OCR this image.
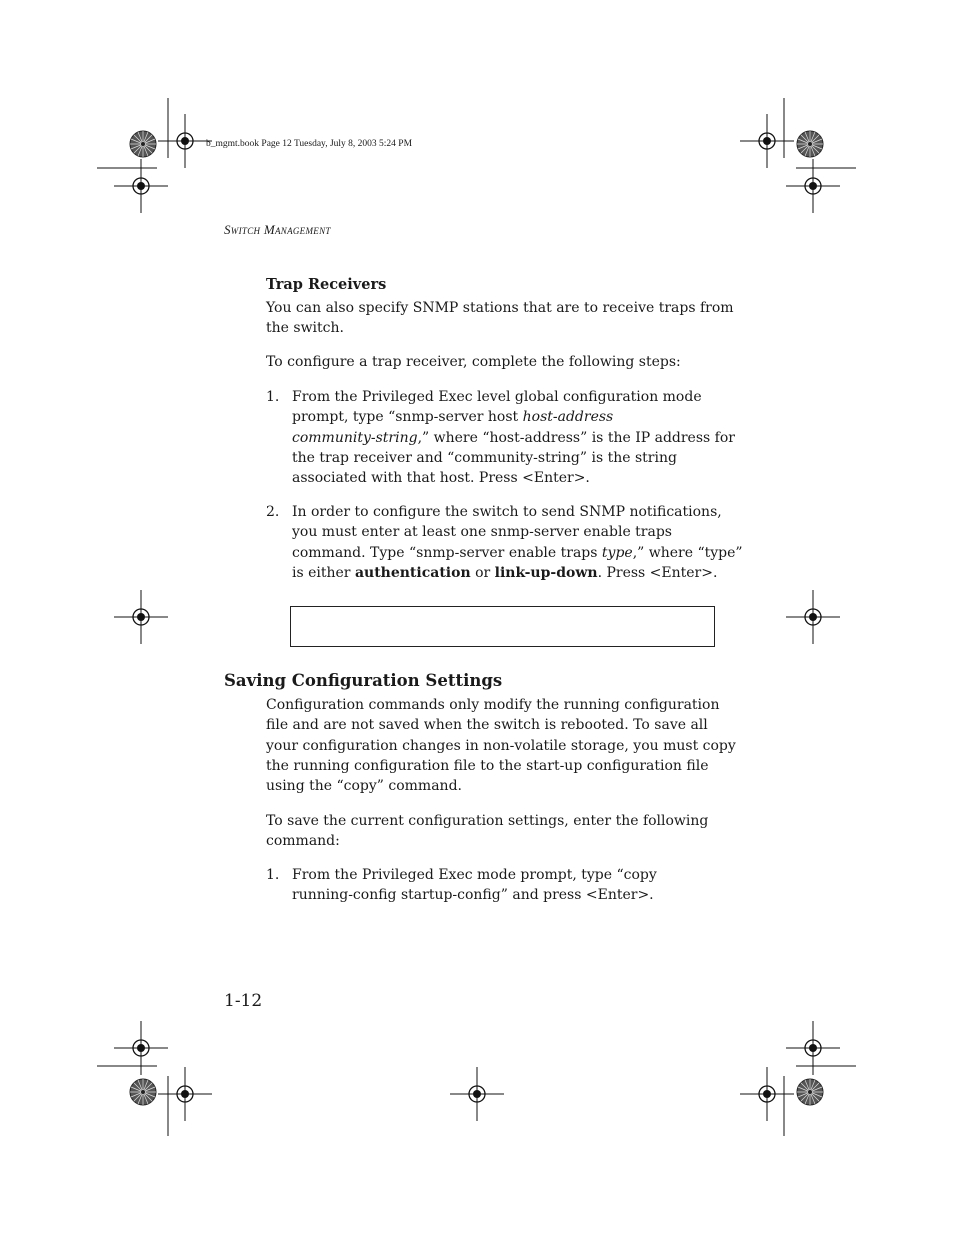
b_mgmt.book Page 12 Tuesday, July 8, 2003 5:24 PM
Switch Management
Trap Receivers
You can also specify SNMP stations that are to receive traps from
the switch.
To configure a trap receiver, complete the following steps:
1. From the Privileged Exec level global configuration mode
prompt, type “snmp-server host host-address
community-string,” where “host-address” is the IP address for
the trap receiver and “community-string” is the string
associated with that host. Press <Enter>.
2. In order to configure the switch to send SNMP notifications,
you must enter at least one snmp-server enable traps
command. Type “snmp-server enable traps type,” where “type”
is either authentication or link-up-down. Press <Enter>.
Saving Configuration Settings
Configuration commands only modify the running configuration
file and are not saved when the switch is rebooted. To save all
your configuration changes in non-volatile storage, you must copy
the running configuration file to the start-up configuration file
using the “copy” command.
To save the current configuration settings, enter the following
command:
1. From the Privileged Exec mode prompt, type “copy
running-config startup-config” and press <Enter>.
1-12
